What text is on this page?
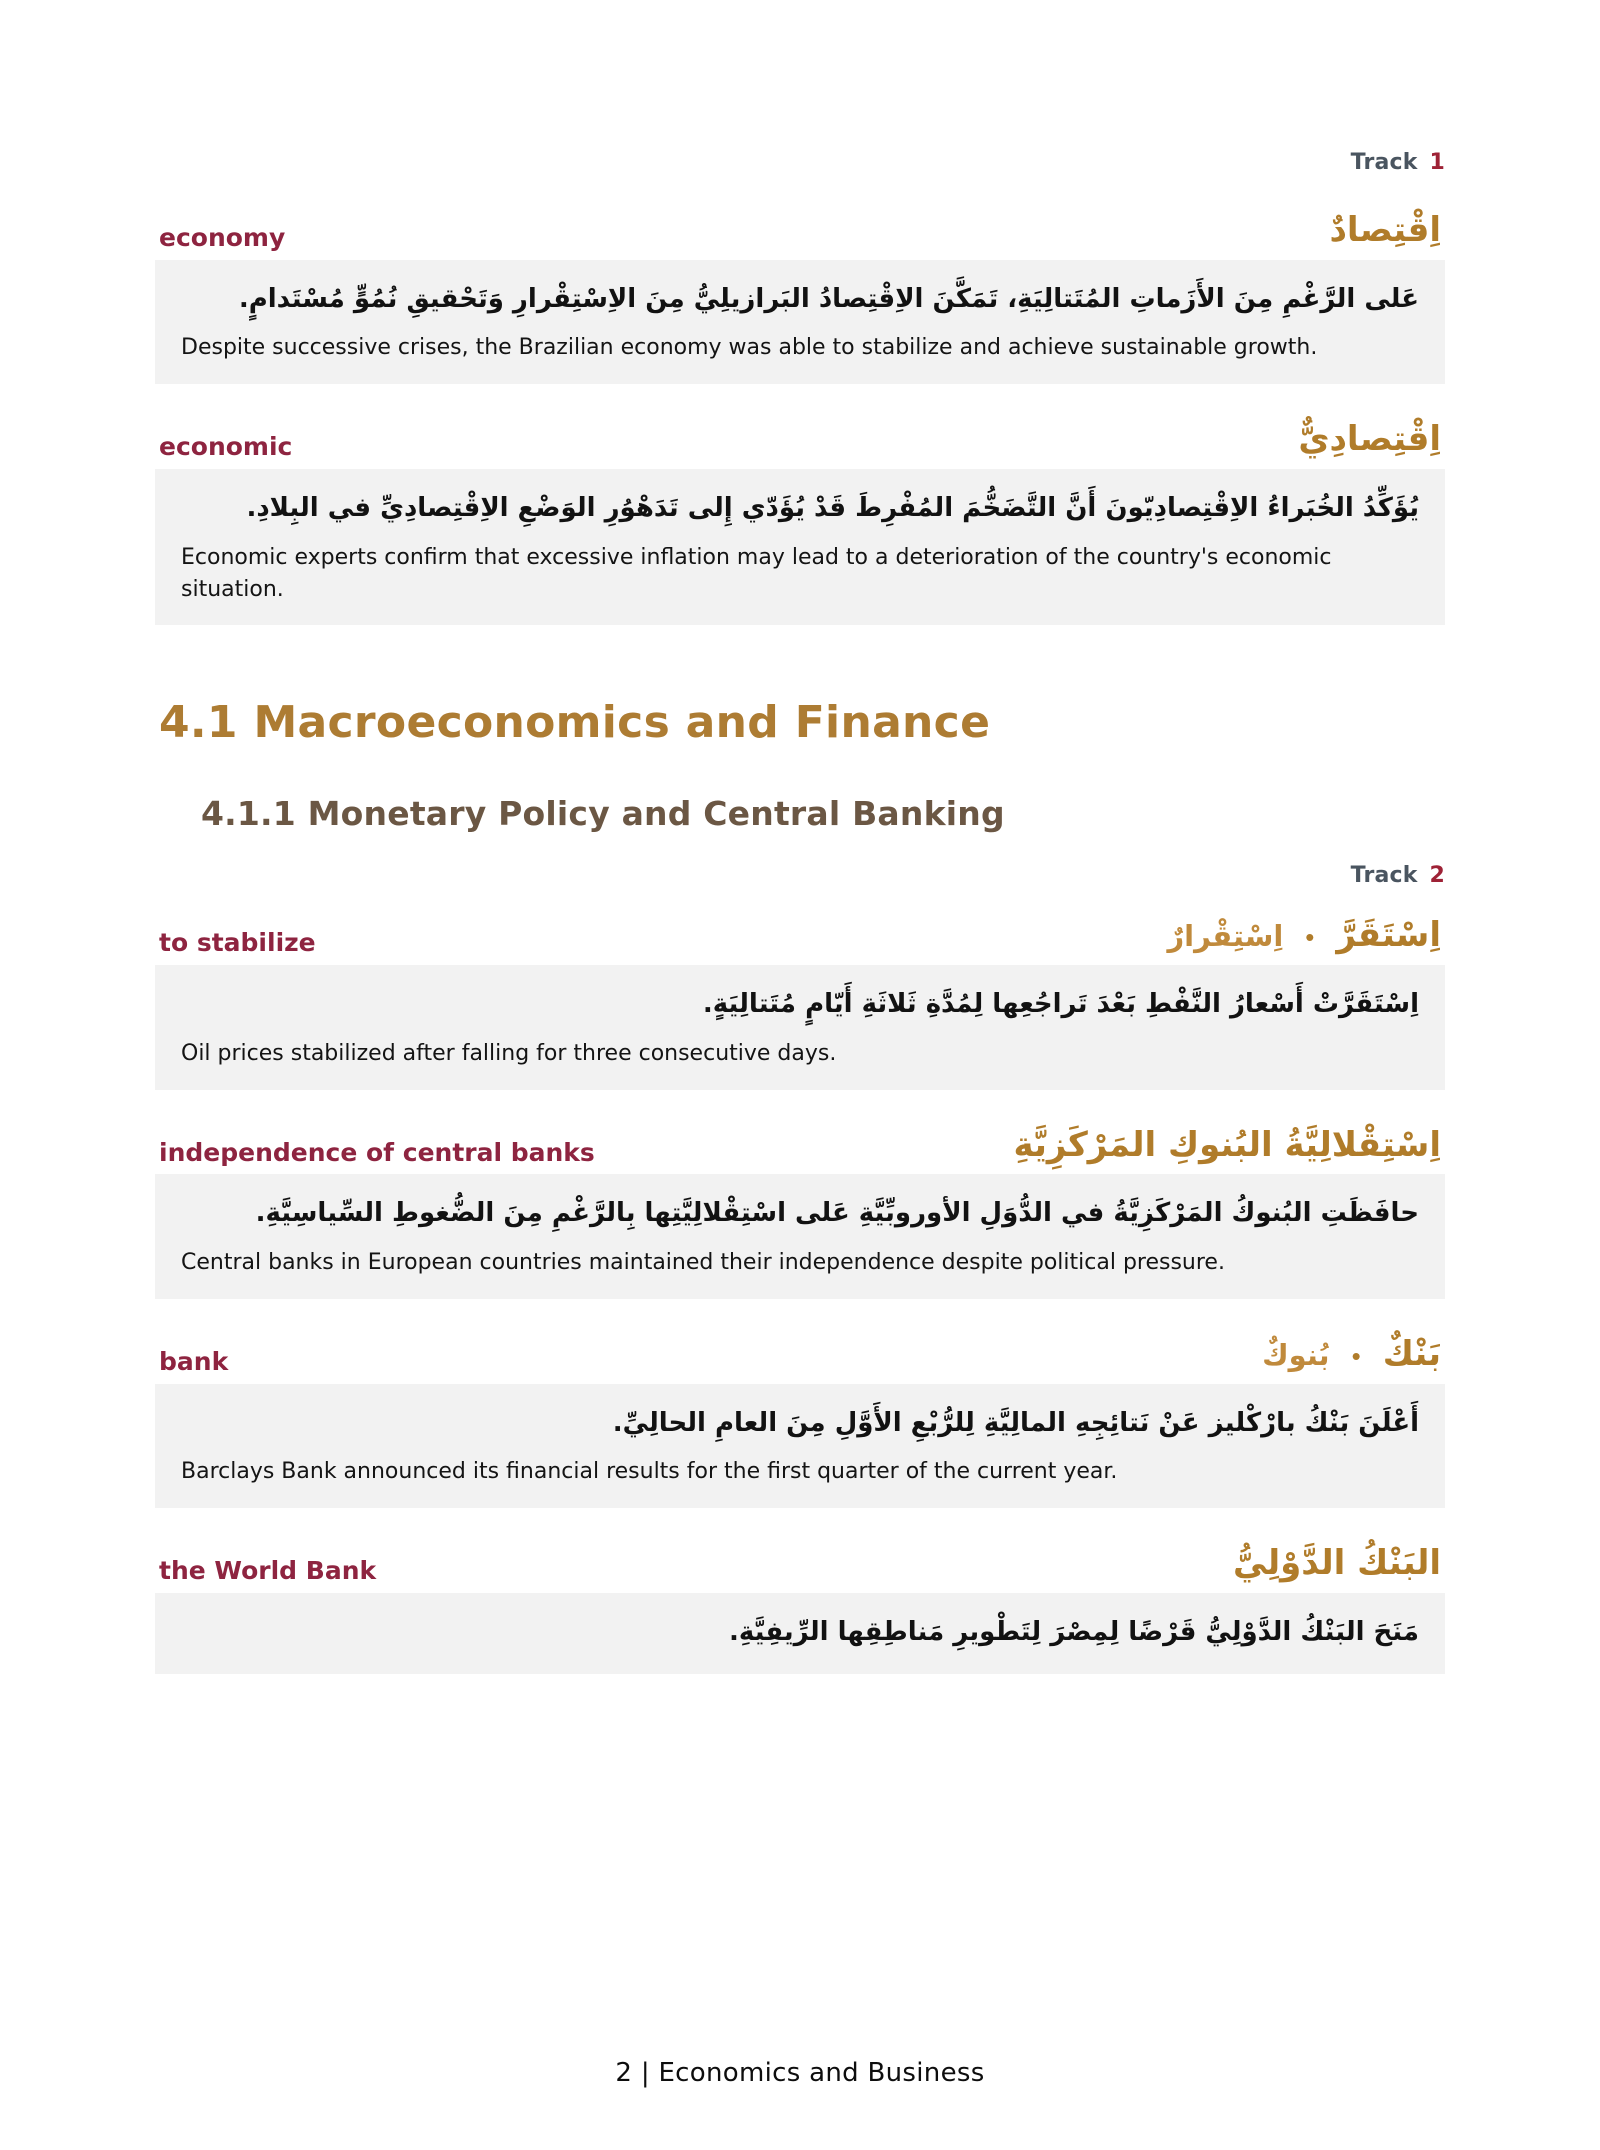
Track 1
economy	اِقْتِصادٌ

عَلى الرَّغْمِ مِنَ الأَزَماتِ المُتَتالِيَةِ، تَمَكَّنَ الاِقْتِصادُ البَرازيلِيُّ مِنَ الاِسْتِقْرارِ وَتَحْقيقِ نُمُوٍّ مُسْتَدامٍ.

Despite successive crises, the Brazilian economy was able to stabilize and achieve sustainable growth.

economic	اِقْتِصادِيٌّ

يُؤَكِّدُ الخُبَراءُ الاِقْتِصادِيّونَ أَنَّ التَّضَخُّمَ المُفْرِطَ قَدْ يُؤَدّي إِلى تَدَهْوُرِ الوَضْعِ الاِقْتِصادِيِّ في البِلادِ.

Economic experts confirm that excessive inflation may lead to a deterioration of the country's economic situation.

4.1 Macroeconomics and Finance
4.1.1 Monetary Policy and Central Banking
Track 2
to stabilize	اِسْتَقَرَّ
•
اِسْتِقْرارٌ

اِسْتَقَرَّتْ أَسْعارُ النَّفْطِ بَعْدَ تَراجُعِها لِمُدَّةِ ثَلاثَةِ أَيّامٍ مُتَتالِيَةٍ.

Oil prices stabilized after falling for three consecutive days.

independence of central banks	اِسْتِقْلالِيَّةُ البُنوكِ المَرْكَزِيَّةِ

حافَظَتِ البُنوكُ المَرْكَزِيَّةُ في الدُّوَلِ الأوروبِّيَّةِ عَلى اسْتِقْلالِيَّتِها بِالرَّغْمِ مِنَ الضُّغوطِ السِّياسِيَّةِ.

Central banks in European countries maintained their independence despite political pressure.

bank	بَنْكٌ
•
بُنوكٌ

أَعْلَنَ بَنْكُ بارْكْليز عَنْ نَتائِجِهِ المالِيَّةِ لِلرُّبْعِ الأَوَّلِ مِنَ العامِ الحالِيِّ.

Barclays Bank announced its financial results for the first quarter of the current year.

the World Bank	البَنْكُ الدَّوْلِيُّ

مَنَحَ البَنْكُ الدَّوْلِيُّ قَرْضًا لِمِصْرَ لِتَطْويرِ مَناطِقِها الرِّيفِيَّةِ.

2 | Economics and Business
